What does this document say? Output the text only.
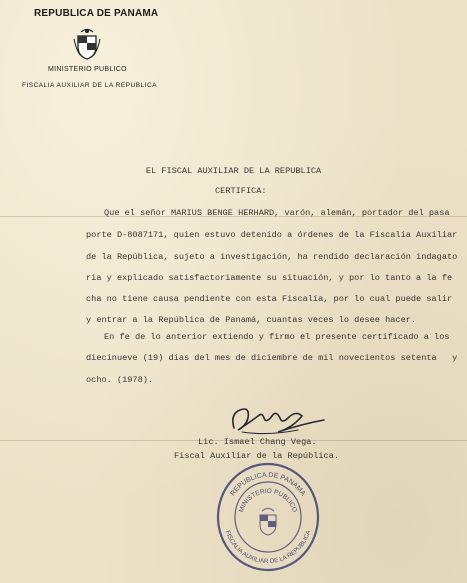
REPUBLICA DE PANAMA
MINISTERIO PUBLICO
FISCALIA AUXILIAR DE LA REPUBLICA
EL FISCAL AUXILIAR DE LA REPUBLICA
CERTIFICA:
Que el señor MARIUS BENGE HERHARD, varón, alemán, portador del pasa
porte D-8087171, quien estuvo detenido a órdenes de la Fiscalía Auxiliar
de la República, sujeto a investigación, ha rendido declaración indagato
ria y explicado satisfactoriamente su situación, y por lo tanto a la fe
cha no tiene causa pendiente con esta Fiscalía, por lo cual puede salir
y entrar a la República de Panamá, cuantas veces lo desee hacer.
En fe de lo anterior extiendo y firmo el presente certificado a los
diecinueve (19) días del mes de diciembre de mil novecientos setenta   y
ocho. (1978).
Lic. Ismael Chang Vega.
Fiscal Auxiliar de la República.
REPUBLICA DE PANAMA
MINISTERIO PUBLICO
FISCALIA AUXILIAR DE LA REPUBLICA
